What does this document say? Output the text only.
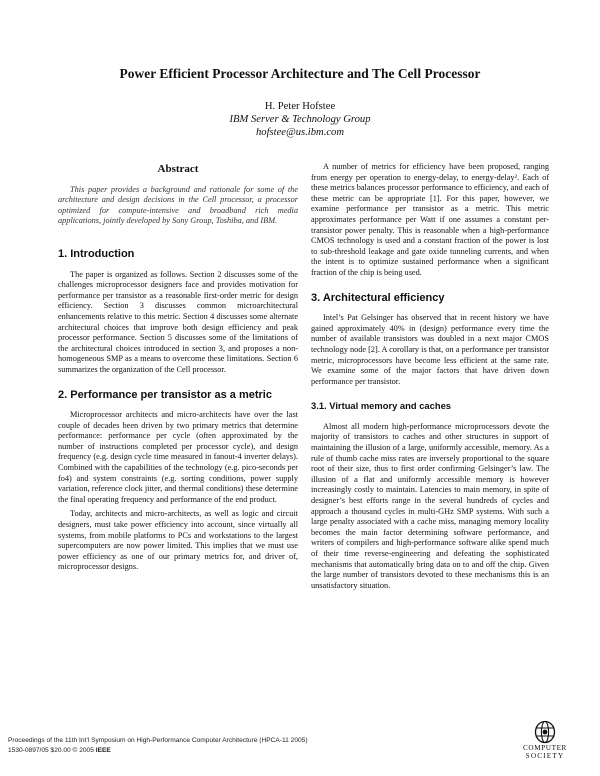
Power Efficient Processor Architecture and The Cell Processor
H. Peter Hofstee
IBM Server & Technology Group
hofstee@us.ibm.com
Abstract

This paper provides a background and rationale for some of the architecture and design decisions in the Cell processor, a processor optimized for compute-intensive and broadband rich media applications, jointly developed by Sony Group, Toshiba, and IBM.

1. Introduction

The paper is organized as follows. Section 2 discusses some of the challenges microprocessor designers face and provides motivation for performance per transistor as a reasonable first-order metric for design efficiency. Section 3 discusses common microarchitectural enhancements relative to this metric. Section 4 discusses some alternate architectural choices that improve both design efficiency and peak processor performance. Section 5 discusses some of the limitations of the architectural choices introduced in section 3, and proposes a non-homogeneous SMP as a means to overcome these limitations. Section 6 summarizes the organization of the Cell processor.

2. Performance per transistor as a metric

Microprocessor architects and micro-architects have over the last couple of decades been driven by two primary metrics that determine performance: performance per cycle (often approximated by the number of instructions completed per processor cycle), and design frequency (e.g. design cycle time measured in fanout-4 inverter delays). Combined with the capabilities of the technology (e.g. pico-seconds per fo4) and system constraints (e.g. sorting conditions, power supply variation, reference clock jitter, and thermal conditions) these determine the final operating frequency and performance of the end product.

Today, architects and micro-architects, as well as logic and circuit designers, must take power efficiency into account, since virtually all systems, from mobile platforms to PCs and workstations to the largest supercomputers are now power limited. This implies that we must use power efficiency as one of our primary metrics for, and driver of, microprocessor designs.

A number of metrics for efficiency have been proposed, ranging from energy per operation to energy-delay, to energy-delay². Each of these metrics balances processor performance to efficiency, and each of these metric can be appropriate [1]. For this paper, however, we examine performance per transistor as a metric. This metric approximates performance per Watt if one assumes a constant per-transistor power penalty. This is reasonable when a high-performance CMOS technology is used and a constant fraction of the power is lost to sub-threshold leakage and gate oxide tunneling currents, and when the intent is to optimize sustained performance when a significant fraction of the chip is being used.

3. Architectural efficiency

Intel’s Pat Gelsinger has observed that in recent history we have gained approximately 40% in (design) performance every time the number of available transistors was doubled in a next major CMOS technology node [2]. A corollary is that, on a performance per transistor metric, microprocessors have become less efficient at the same rate. We examine some of the major factors that have driven down performance per transistor.

3.1. Virtual memory and caches

Almost all modern high-performance microprocessors devote the majority of transistors to caches and other structures in support of maintaining the illusion of a large, uniformly accessible, memory. As a rule of thumb cache miss rates are inversely proportional to the square root of their size, thus to first order confirming Gelsinger’s law. The illusion of a flat and uniformly accessible memory is however increasingly costly to maintain. Latencies to main memory, in spite of designer’s best efforts range in the several hundreds of cycles and approach a thousand cycles in multi-GHz SMP systems. With such a large penalty associated with a cache miss, managing memory locality becomes the main factor determining software performance, and writers of compilers and high-performance software alike spend much of their time reverse-engineering and defeating the sophisticated mechanisms that automatically bring data on to and off the chip. Given the large number of transistors devoted to these mechanisms this is an unsatisfactory situation.

Proceedings of the 11th Int’l Symposium on High-Performance Computer Architecture (HPCA-11 2005)
1530-0897/05 $20.00 © 2005 IEEE	COMPUTER
SOCIETY
